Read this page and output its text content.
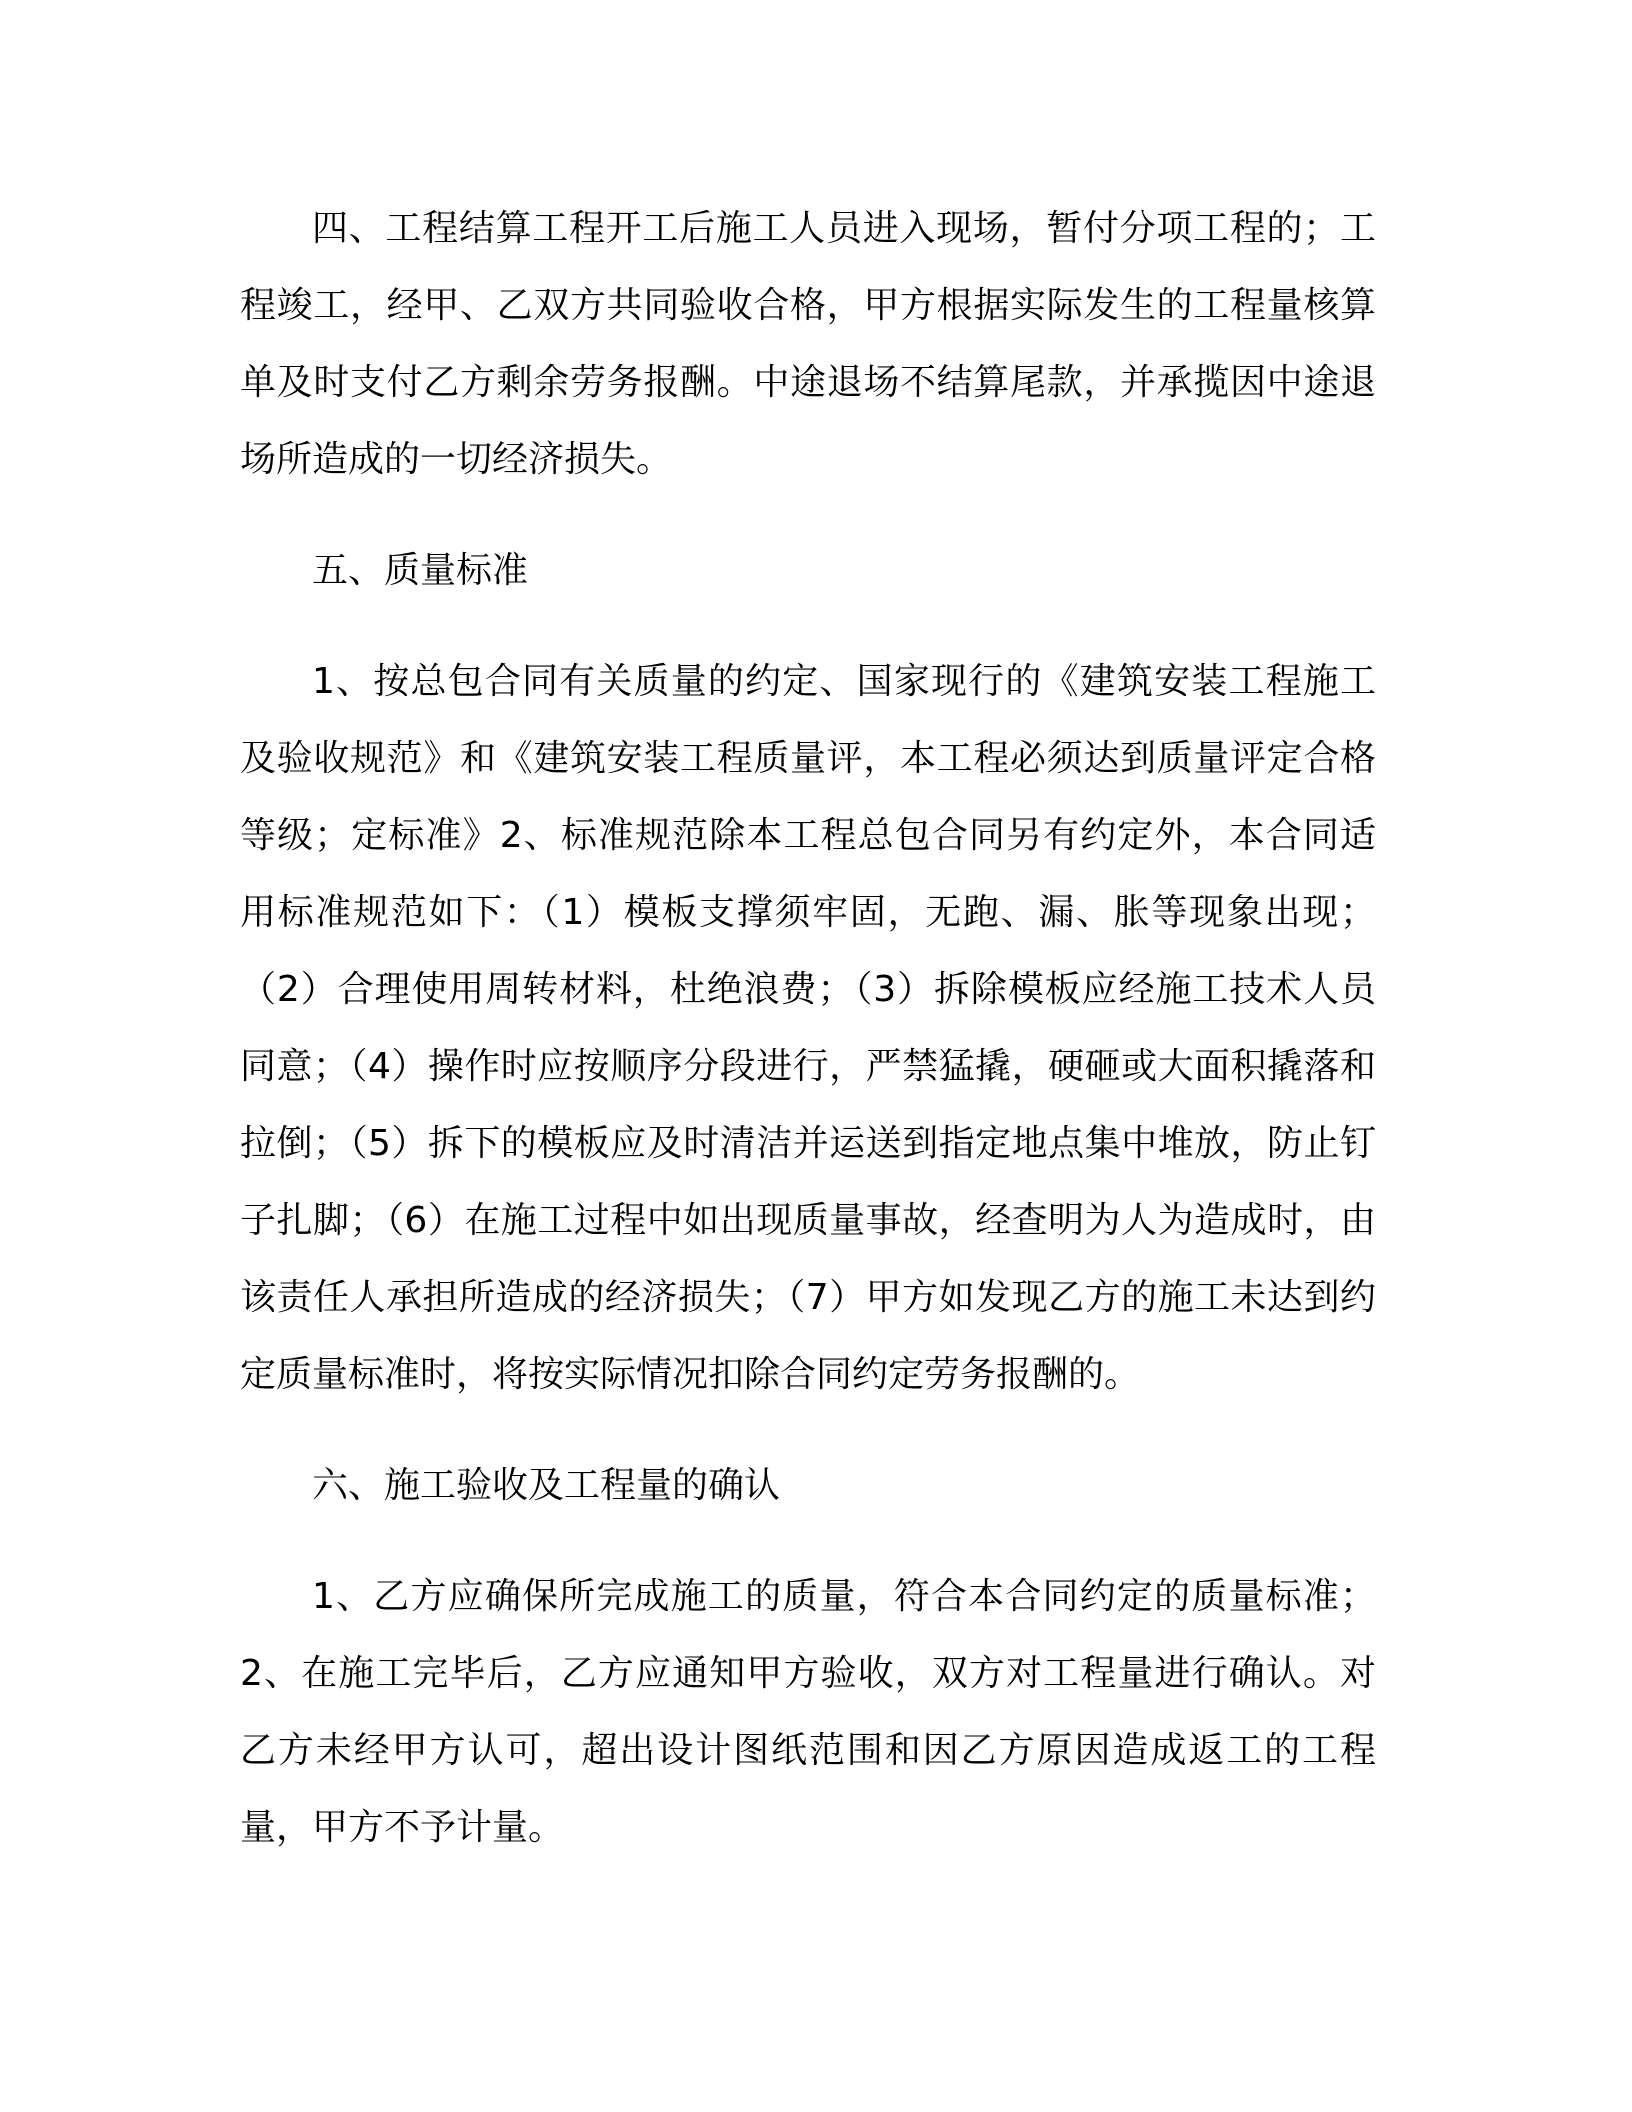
四、工程结算工程开工后施工人员进入现场，暂付分项工程的；工程竣工，经甲、乙双方共同验收合格，甲方根据实际发生的工程量核算单及时支付乙方剩余劳务报酬。中途退场不结算尾款，并承揽因中途退场所造成的一切经济损失。

五、质量标准

1、按总包合同有关质量的约定、国家现行的《建筑安装工程施工及验收规范》和《建筑安装工程质量评，本工程必须达到质量评定合格等级；定标准》2、标准规范除本工程总包合同另有约定外，本合同适用标准规范如下：（1）模板支撑须牢固，无跑、漏、胀等现象出现；（2）合理使用周转材料，杜绝浪费；（3）拆除模板应经施工技术人员同意；（4）操作时应按顺序分段进行，严禁猛撬，硬砸或大面积撬落和拉倒；（5）拆下的模板应及时清洁并运送到指定地点集中堆放，防止钉子扎脚；（6）在施工过程中如出现质量事故，经查明为人为造成时，由该责任人承担所造成的经济损失；（7）甲方如发现乙方的施工未达到约定质量标准时，将按实际情况扣除合同约定劳务报酬的。

六、施工验收及工程量的确认

1、乙方应确保所完成施工的质量，符合本合同约定的质量标准；2、在施工完毕后，乙方应通知甲方验收，双方对工程量进行确认。对乙方未经甲方认可，超出设计图纸范围和因乙方原因造成返工的工程量，甲方不予计量。
